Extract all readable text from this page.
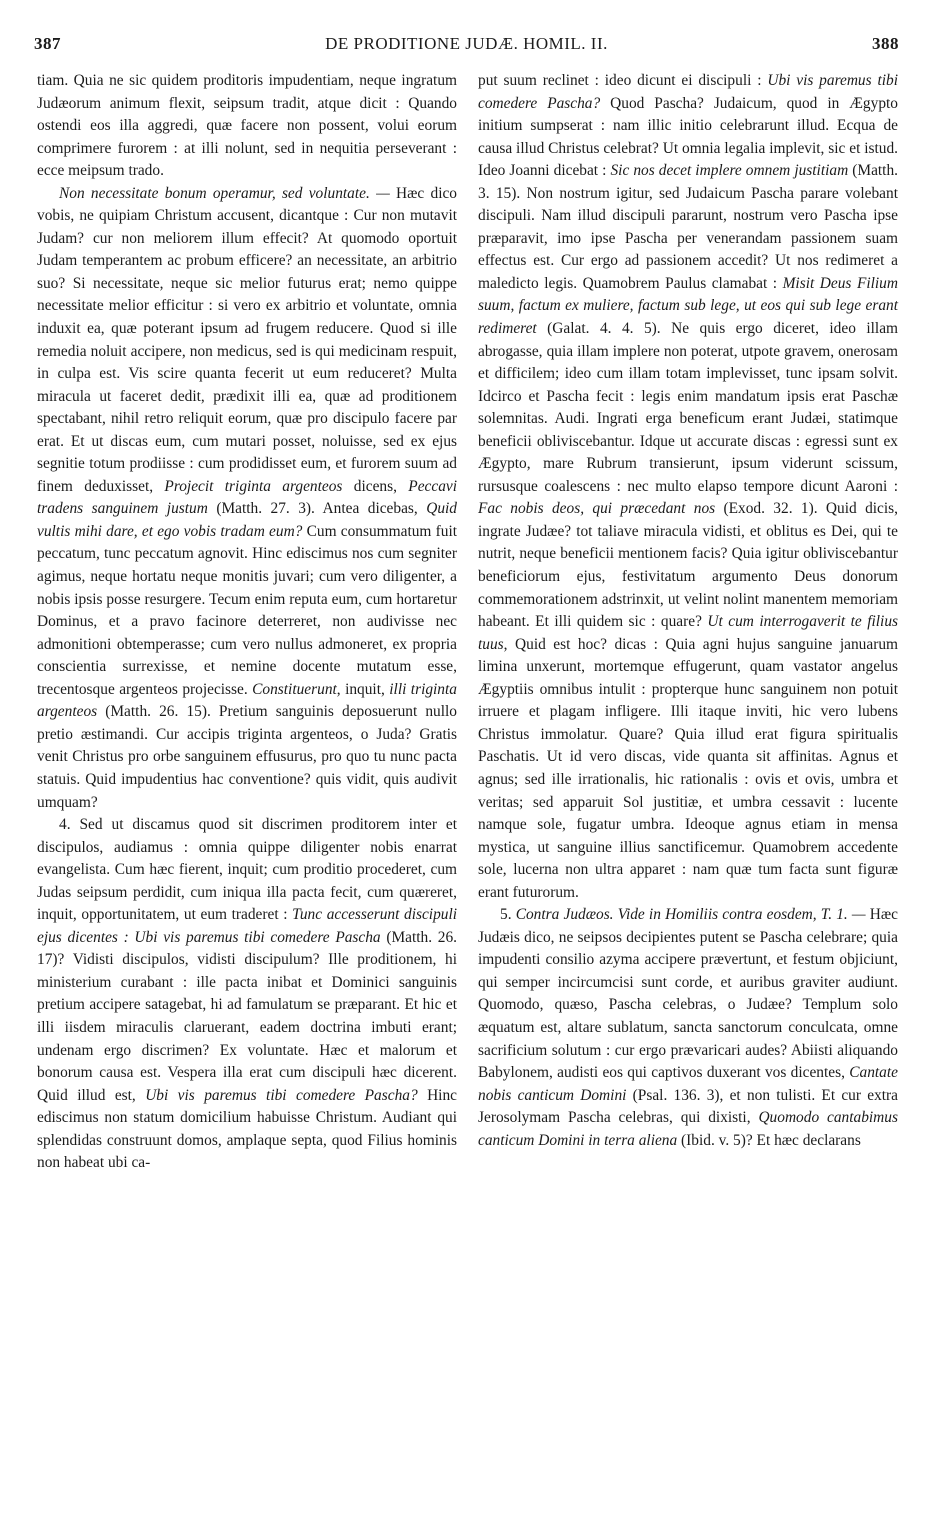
387	DE PRODITIONE JUDÆ. HOMIL. II.	388

tiam. Quia ne sic quidem proditoris impudentiam, neque ingratum Judæorum animum flexit, seipsum tradit, atque dicit : Quando ostendi eos illa aggredi, quæ facere non possent, volui eorum comprimere furorem : at illi nolunt, sed in nequitia perseverant : ecce meipsum trado.

Non necessitate bonum operamur, sed voluntate. — Hæc dico vobis, ne quipiam Christum accusent, dicantque : Cur non mutavit Judam? cur non meliorem illum effecit? At quomodo oportuit Judam temperantem ac probum efficere? an necessitate, an arbitrio suo? Si necessitate, neque sic melior futurus erat; nemo quippe necessitate melior efficitur : si vero ex arbitrio et voluntate, omnia induxit ea, quæ poterant ipsum ad frugem reducere. Quod si ille remedia noluit accipere, non medicus, sed is qui medicinam respuit, in culpa est. Vis scire quanta fecerit ut eum reduceret? Multa miracula ut faceret dedit, prædixit illi ea, quæ ad proditionem spectabant, nihil retro reliquit eorum, quæ pro discipulo facere par erat. Et ut discas eum, cum mutari posset, noluisse, sed ex ejus segnitie totum prodiisse : cum prodidisset eum, et furorem suum ad finem deduxisset, Projecit triginta argenteos dicens, Peccavi tradens sanguinem justum (Matth. 27. 3). Antea dicebas, Quid vultis mihi dare, et ego vobis tradam eum? Cum consummatum fuit peccatum, tunc peccatum agnovit. Hinc ediscimus nos cum segniter agimus, neque hortatu neque monitis juvari; cum vero diligenter, a nobis ipsis posse resurgere. Tecum enim reputa eum, cum hortaretur Dominus, et a pravo facinore deterreret, non audivisse nec admonitioni obtemperasse; cum vero nullus admoneret, ex propria conscientia surrexisse, et nemine docente mutatum esse, trecentosque argenteos projecisse. Constituerunt, inquit, illi triginta argenteos (Matth. 26. 15). Pretium sanguinis deposuerunt nullo pretio æstimandi. Cur accipis triginta argenteos, o Juda? Gratis venit Christus pro orbe sanguinem effusurus, pro quo tu nunc pacta statuis. Quid impudentius hac conventione? quis vidit, quis audivit umquam?

4. Sed ut discamus quod sit discrimen proditorem inter et discipulos, audiamus : omnia quippe diligenter nobis enarrat evangelista. Cum hæc fierent, inquit; cum proditio procederet, cum Judas seipsum perdidit, cum iniqua illa pacta fecit, cum quæreret, inquit, opportunitatem, ut eum traderet : Tunc accesserunt discipuli ejus dicentes : Ubi vis paremus tibi comedere Pascha (Matth. 26. 17)? Vidisti discipulos, vidisti discipulum? Ille proditionem, hi ministerium curabant : ille pacta inibat et Dominici sanguinis pretium accipere satagebat, hi ad famulatum se præparant. Et hic et illi iisdem miraculis claruerant, eadem doctrina imbuti erant; undenam ergo discrimen? Ex voluntate. Hæc et malorum et bonorum causa est. Vespera illa erat cum discipuli hæc dicerent. Quid illud est, Ubi vis paremus tibi comedere Pascha? Hinc ediscimus non statum domicilium habuisse Christum. Audiant qui splendidas construunt domos, amplaque septa, quod Filius hominis non habeat ubi ca-

put suum reclinet : ideo dicunt ei discipuli : Ubi vis paremus tibi comedere Pascha? Quod Pascha? Judaicum, quod in Ægypto initium sumpserat : nam illic initio celebrarunt illud. Ecqua de causa illud Christus celebrat? Ut omnia legalia implevit, sic et istud. Ideo Joanni dicebat : Sic nos decet implere omnem justitiam (Matth. 3. 15). Non nostrum igitur, sed Judaicum Pascha parare volebant discipuli. Nam illud discipuli pararunt, nostrum vero Pascha ipse præparavit, imo ipse Pascha per venerandam passionem suam effectus est. Cur ergo ad passionem accedit? Ut nos redimeret a maledicto legis. Quamobrem Paulus clamabat : Misit Deus Filium suum, factum ex muliere, factum sub lege, ut eos qui sub lege erant redimeret (Galat. 4. 4. 5). Ne quis ergo diceret, ideo illam abrogasse, quia illam implere non poterat, utpote gravem, onerosam et difficilem; ideo cum illam totam implevisset, tunc ipsam solvit. Idcirco et Pascha fecit : legis enim mandatum ipsis erat Paschæ solemnitas. Audi. Ingrati erga beneficum erant Judæi, statimque beneficii obliviscebantur. Idque ut accurate discas : egressi sunt ex Ægypto, mare Rubrum transierunt, ipsum viderunt scissum, rursusque coalescens : nec multo elapso tempore dicunt Aaroni : Fac nobis deos, qui præcedant nos (Exod. 32. 1). Quid dicis, ingrate Judæe? tot taliave miracula vidisti, et oblitus es Dei, qui te nutrit, neque beneficii mentionem facis? Quia igitur obliviscebantur beneficiorum ejus, festivitatum argumento Deus donorum commemorationem adstrinxit, ut velint nolint manentem memoriam habeant. Et illi quidem sic : quare? Ut cum interrogaverit te filius tuus, Quid est hoc? dicas : Quia agni hujus sanguine januarum limina unxerunt, mortemque effugerunt, quam vastator angelus Ægyptiis omnibus intulit : propterque hunc sanguinem non potuit irruere et plagam infligere. Illi itaque inviti, hic vero lubens Christus immolatur. Quare? Quia illud erat figura spiritualis Paschatis. Ut id vero discas, vide quanta sit affinitas. Agnus et agnus; sed ille irrationalis, hic rationalis : ovis et ovis, umbra et veritas; sed apparuit Sol justitiæ, et umbra cessavit : lucente namque sole, fugatur umbra. Ideoque agnus etiam in mensa mystica, ut sanguine illius sanctificemur. Quamobrem accedente sole, lucerna non ultra apparet : nam quæ tum facta sunt figuræ erant futurorum.

5. Contra Judæos. Vide in Homiliis contra eosdem, T. 1. — Hæc Judæis dico, ne seipsos decipientes putent se Pascha celebrare; quia impudenti consilio azyma accipere prævertunt, et festum objiciunt, qui semper incircumcisi sunt corde, et auribus graviter audiunt. Quomodo, quæso, Pascha celebras, o Judæe? Templum solo æquatum est, altare sublatum, sancta sanctorum conculcata, omne sacrificium solutum : cur ergo prævaricari audes? Abiisti aliquando Babylonem, audisti eos qui captivos duxerant vos dicentes, Cantate nobis canticum Domini (Psal. 136. 3), et non tulisti. Et cur extra Jerosolymam Pascha celebras, qui dixisti, Quomodo cantabimus canticum Domini in terra aliena (Ibid. v. 5)? Et hæc declarans
